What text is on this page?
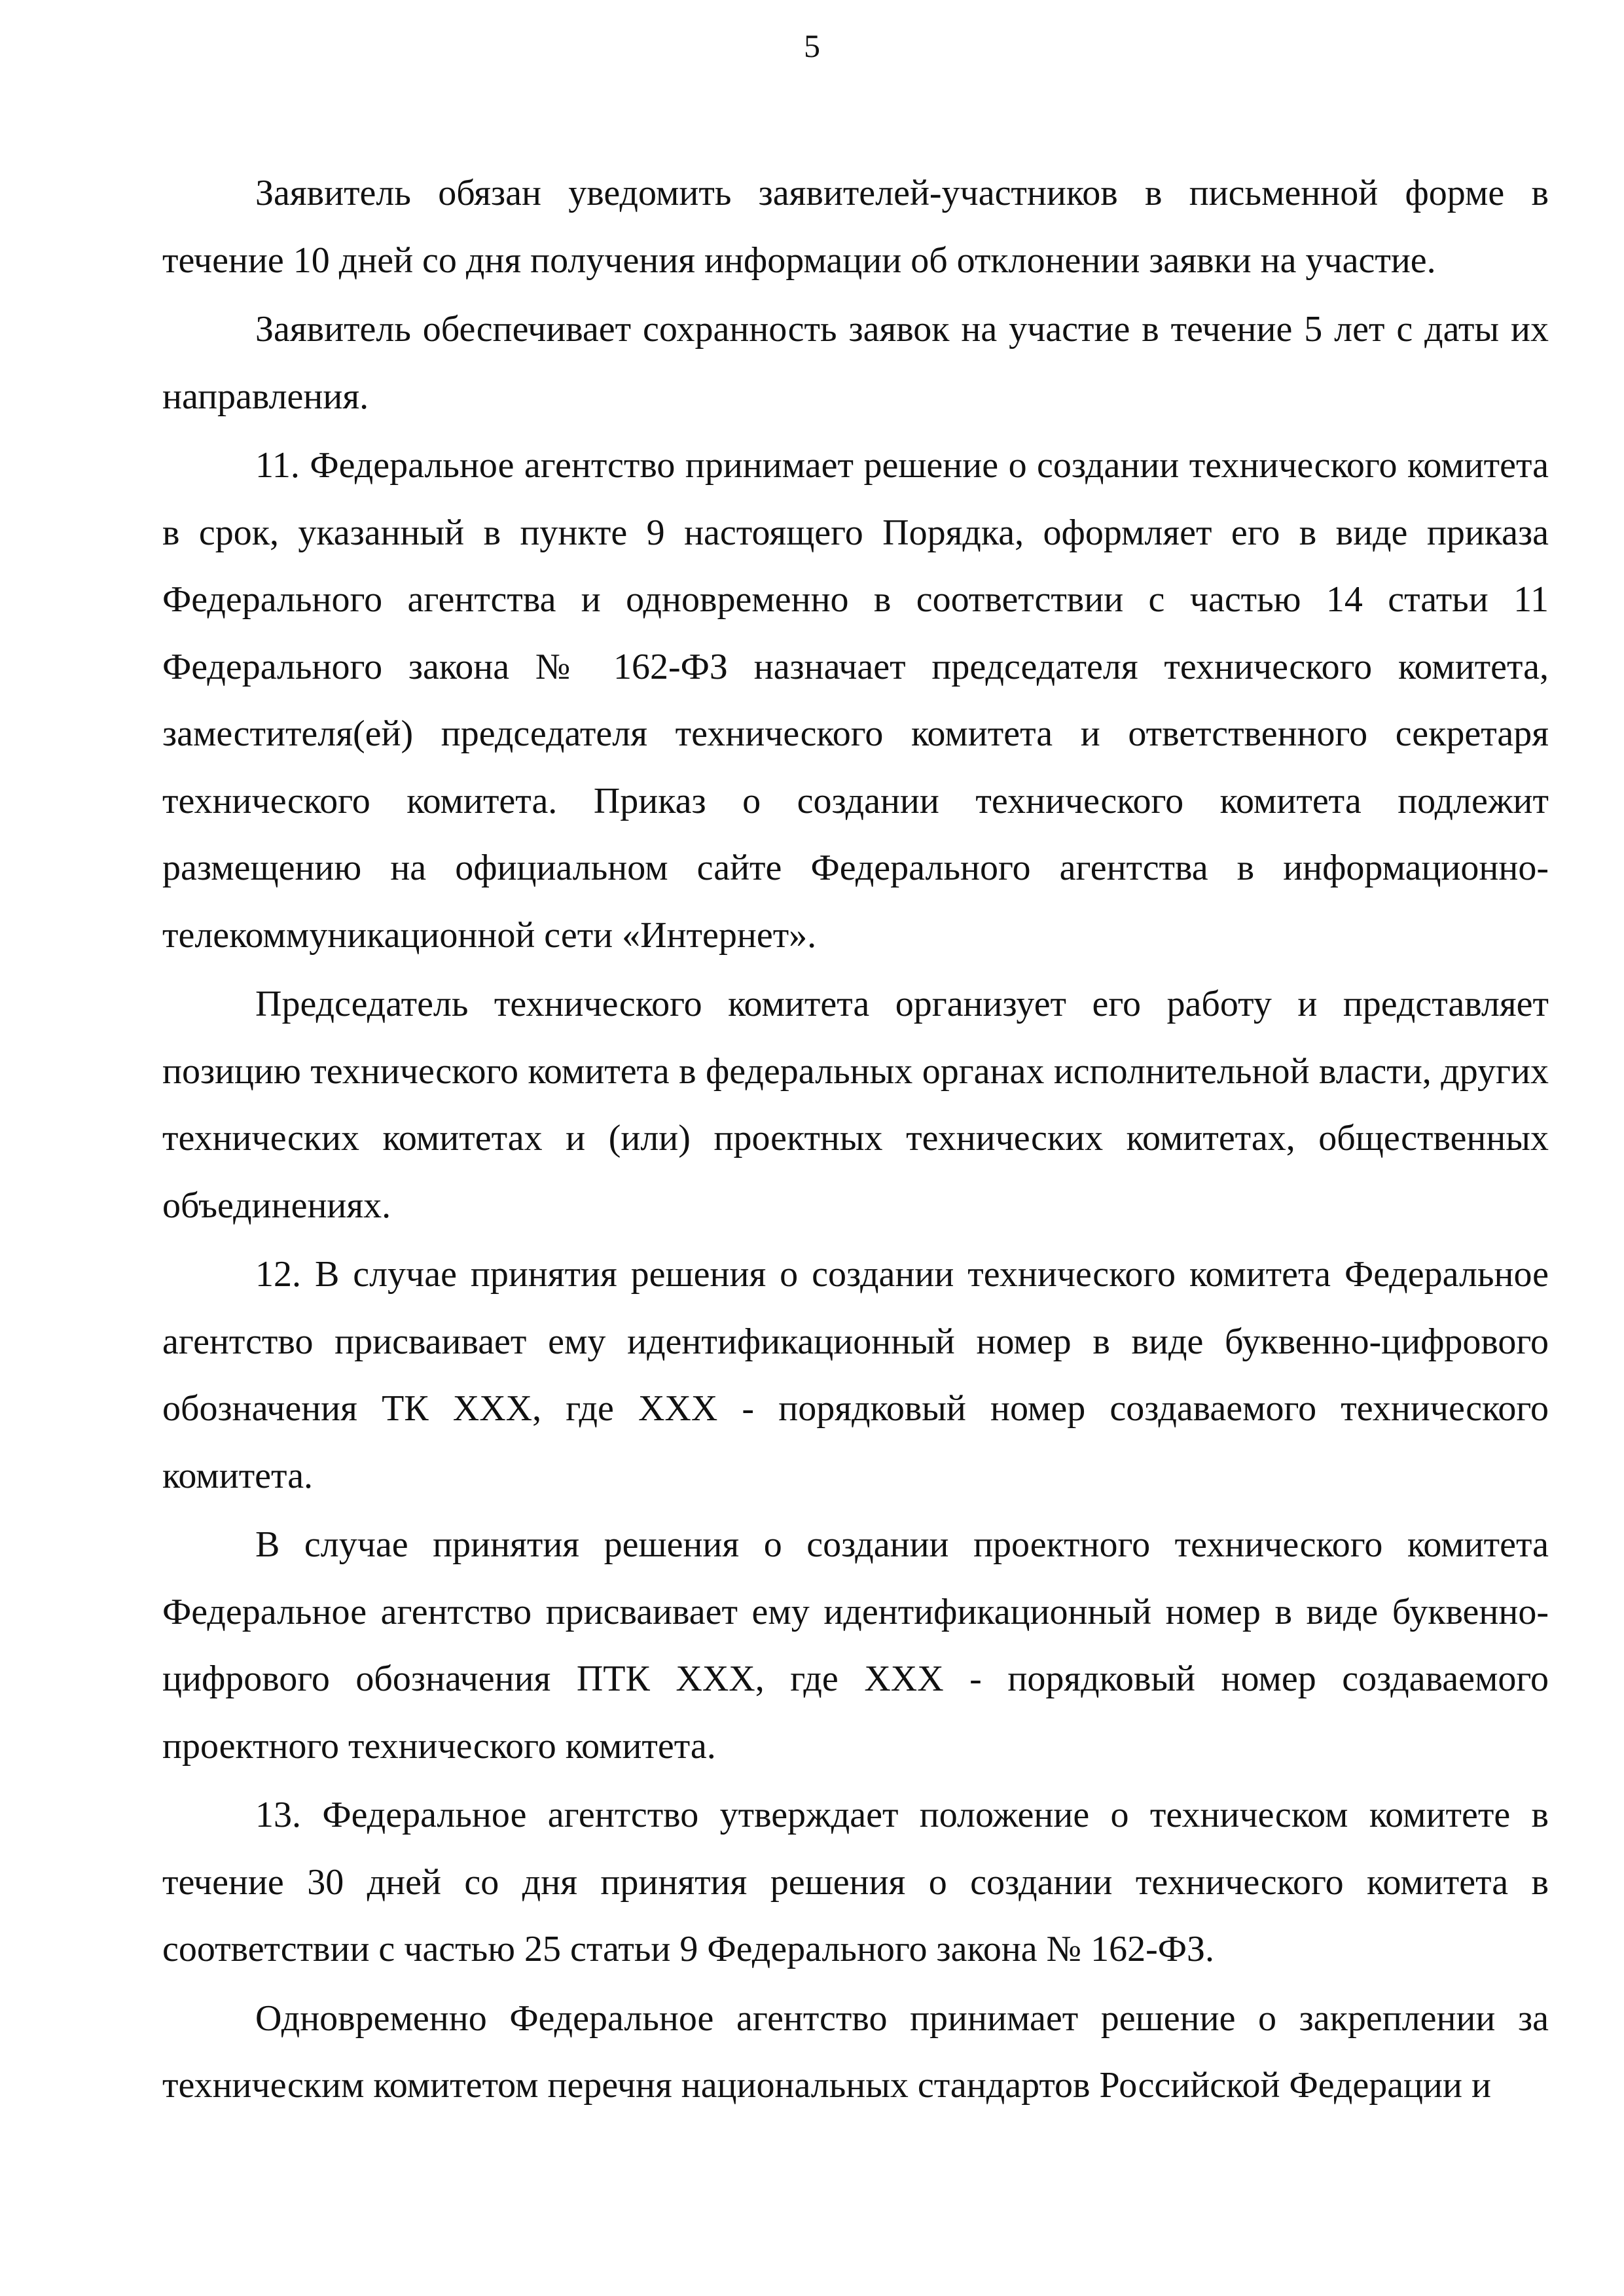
5

Заявитель обязан уведомить заявителей-участников в письменной форме в течение 10 дней со дня получения информации об отклонении заявки на участие.

Заявитель обеспечивает сохранность заявок на участие в течение 5 лет с даты их направления.

11. Федеральное агентство принимает решение о создании технического комитета в срок, указанный в пункте 9 настоящего Порядка, оформляет его в виде приказа Федерального агентства и одновременно в соответствии с частью 14 статьи 11 Федерального закона № 162-ФЗ назначает председателя технического комитета, заместителя(ей) председателя технического комитета и ответственного секретаря технического комитета. Приказ о создании технического комитета подлежит размещению на официальном сайте Федерального агентства в информационно-телекоммуникационной сети «Интернет».

Председатель технического комитета организует его работу и представляет позицию технического комитета в федеральных органах исполнительной власти, других технических комитетах и (или) проектных технических комитетах, общественных объединениях.

12. В случае принятия решения о создании технического комитета Федеральное агентство присваивает ему идентификационный номер в виде буквенно-цифрового обозначения ТК ХХХ, где ХХХ - порядковый номер создаваемого технического комитета.

В случае принятия решения о создании проектного технического комитета Федеральное агентство присваивает ему идентификационный номер в виде буквенно-цифрового обозначения ПТК ХХХ, где ХХХ - порядковый номер создаваемого проектного технического комитета.

13. Федеральное агентство утверждает положение о техническом комитете в течение 30 дней со дня принятия решения о создании технического комитета в соответствии с частью 25 статьи 9 Федерального закона № 162-ФЗ.

Одновременно Федеральное агентство принимает решение о закреплении за техническим комитетом перечня национальных стандартов Российской Федерации и
